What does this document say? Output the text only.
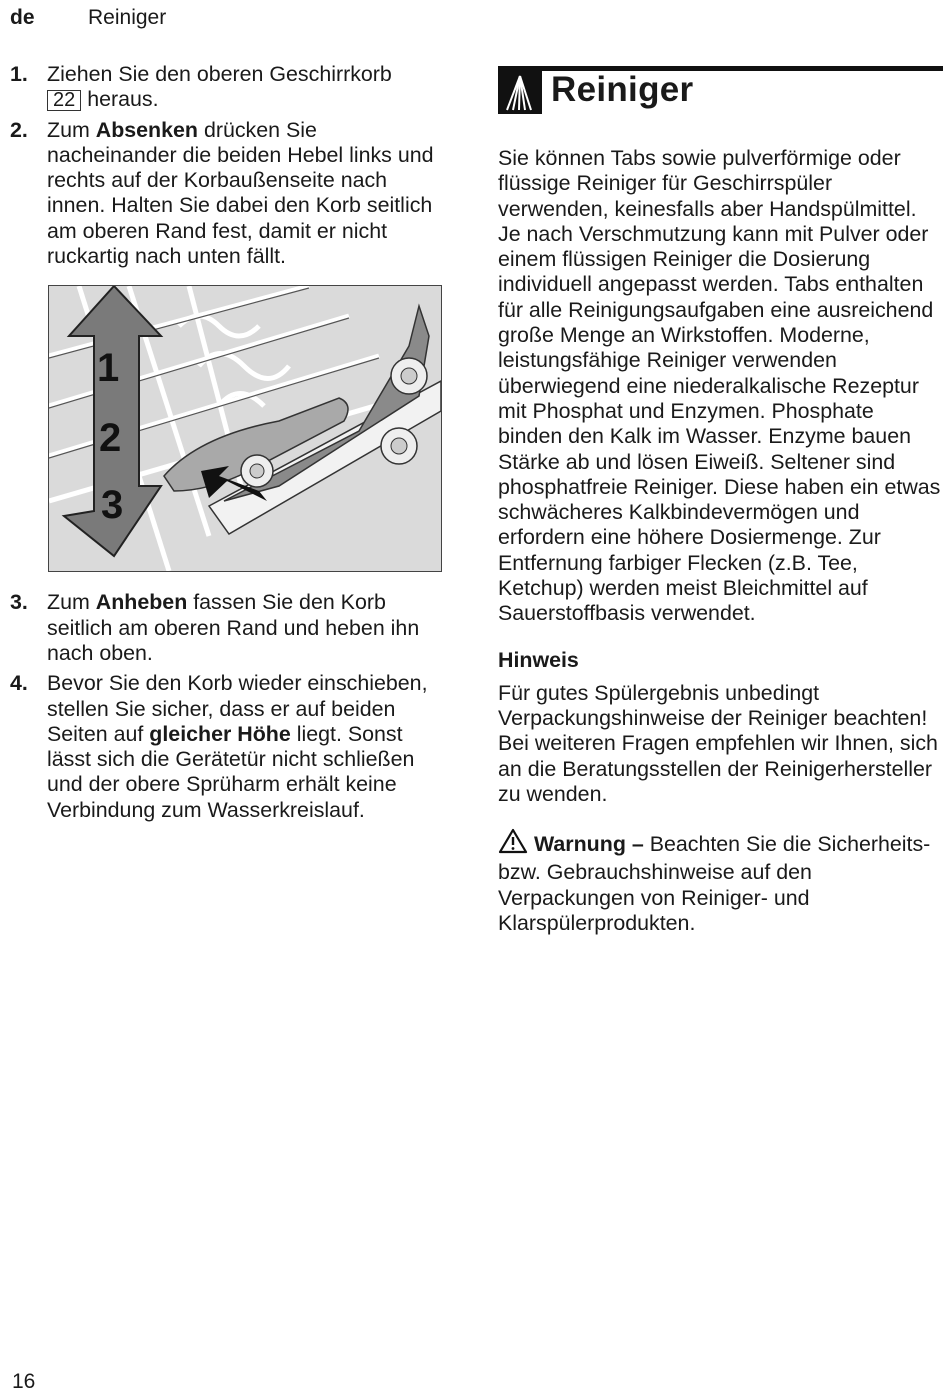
de	Reiniger
1. Ziehen Sie den oberen Geschirrkorb
22 heraus.
2. Zum Absenken drücken Sie nacheinander die beiden Hebel links und rechts auf der Korbaußenseite nach innen. Halten Sie dabei den Korb seitlich am oberen Rand fest, damit er nicht ruckartig nach unten fällt.
1
2
3
3. Zum Anheben fassen Sie den Korb seitlich am oberen Rand und heben ihn nach oben.
4. Bevor Sie den Korb wieder einschieben, stellen Sie sicher, dass er auf beiden Seiten auf gleicher Höhe liegt. Sonst lässt sich die Gerätetür nicht schließen und der obere Sprüharm erhält keine Verbindung zum Wasserkreislauf.
Reiniger

Sie können Tabs sowie pulverförmige oder flüssige Reiniger für Geschirrspüler verwenden, keinesfalls aber Handspülmittel. Je nach Verschmutzung kann mit Pulver oder einem flüssigen Reiniger die Dosierung individuell angepasst werden. Tabs enthalten für alle Reinigungsaufgaben eine ausreichend große Menge an Wirkstoffen. Moderne, leistungsfähige Reiniger verwenden überwiegend eine niederalkalische Rezeptur mit Phosphat und Enzymen. Phosphate binden den Kalk im Wasser. Enzyme bauen Stärke ab und lösen Eiweiß. Seltener sind phosphatfreie Reiniger. Diese haben ein etwas schwächeres Kalkbindevermögen und erfordern eine höhere Dosiermenge. Zur Entfernung farbiger Flecken (z.B. Tee, Ketchup) werden meist Bleichmittel auf Sauerstoffbasis verwendet.

Hinweis

Für gutes Spülergebnis unbedingt Verpackungshinweise der Reiniger beachten!

Bei weiteren Fragen empfehlen wir Ihnen, sich an die Beratungsstellen der Reinigerhersteller zu wenden.

Warnung – Beachten Sie die Sicherheits- bzw. Gebrauchshinweise auf den Verpackungen von Reiniger- und Klarspülerprodukten.

16
